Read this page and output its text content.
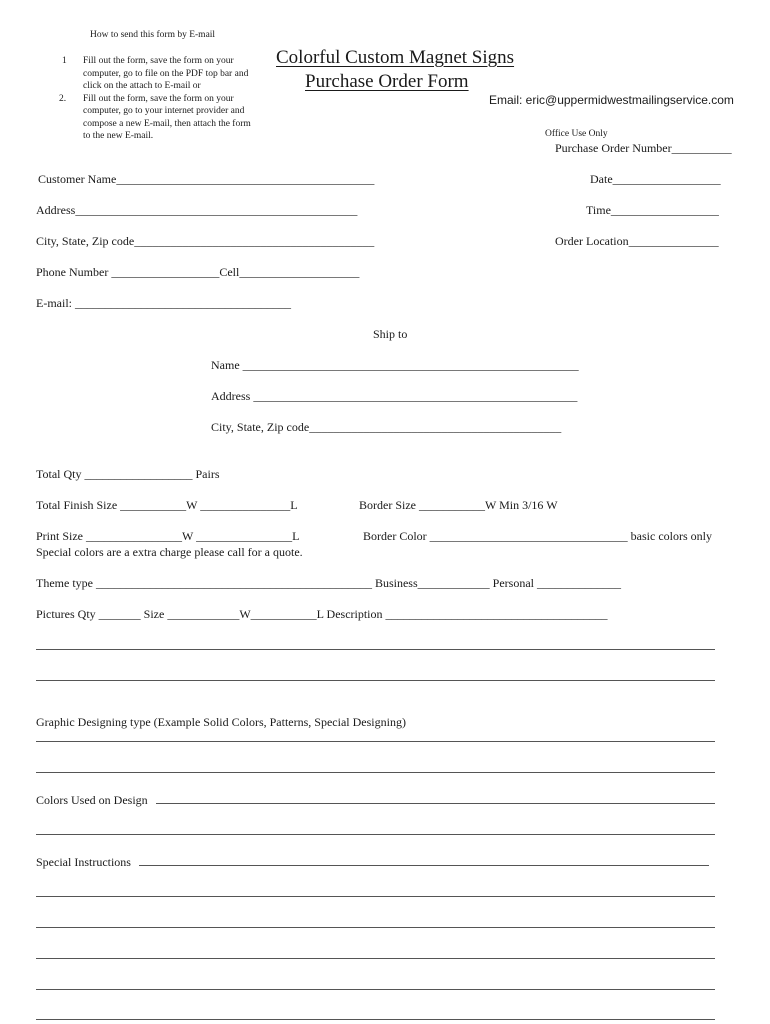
How to send this form by E-mail
1 Fill out the form, save the form on your
computer, go to file on the PDF top bar and
click on the attach to E-mail or
2. Fill out the form, save the form on your
computer, go to your internet provider and
compose a new E-mail, then attach the form
to the new E-mail.
Colorful Custom Magnet Signs
Purchase Order Form
Email: eric@uppermidwestmailingservice.com
Office Use Only
Purchase Order Number__________
Customer Name___________________________________________	Date__________________
Address_______________________________________________	Time__________________
City, State, Zip code________________________________________	Order Location_______________
Phone Number __________________Cell____________________
E-mail: ____________________________________
Ship to
Name ________________________________________________________
Address ______________________________________________________
City, State, Zip code__________________________________________
Total Qty __________________ Pairs
Total Finish Size ___________W _______________L	Border Size ___________W Min 3/16 W
Print Size ________________W ________________L	Border Color _________________________________ basic colors only
Special colors are a extra charge please call for a quote.
Theme type ______________________________________________ Business____________ Personal ______________
Pictures Qty _______ Size ____________W___________L Description _____________________________________
Graphic Designing type (Example Solid Colors, Patterns, Special Designing)
Colors Used on Design
Special Instructions
